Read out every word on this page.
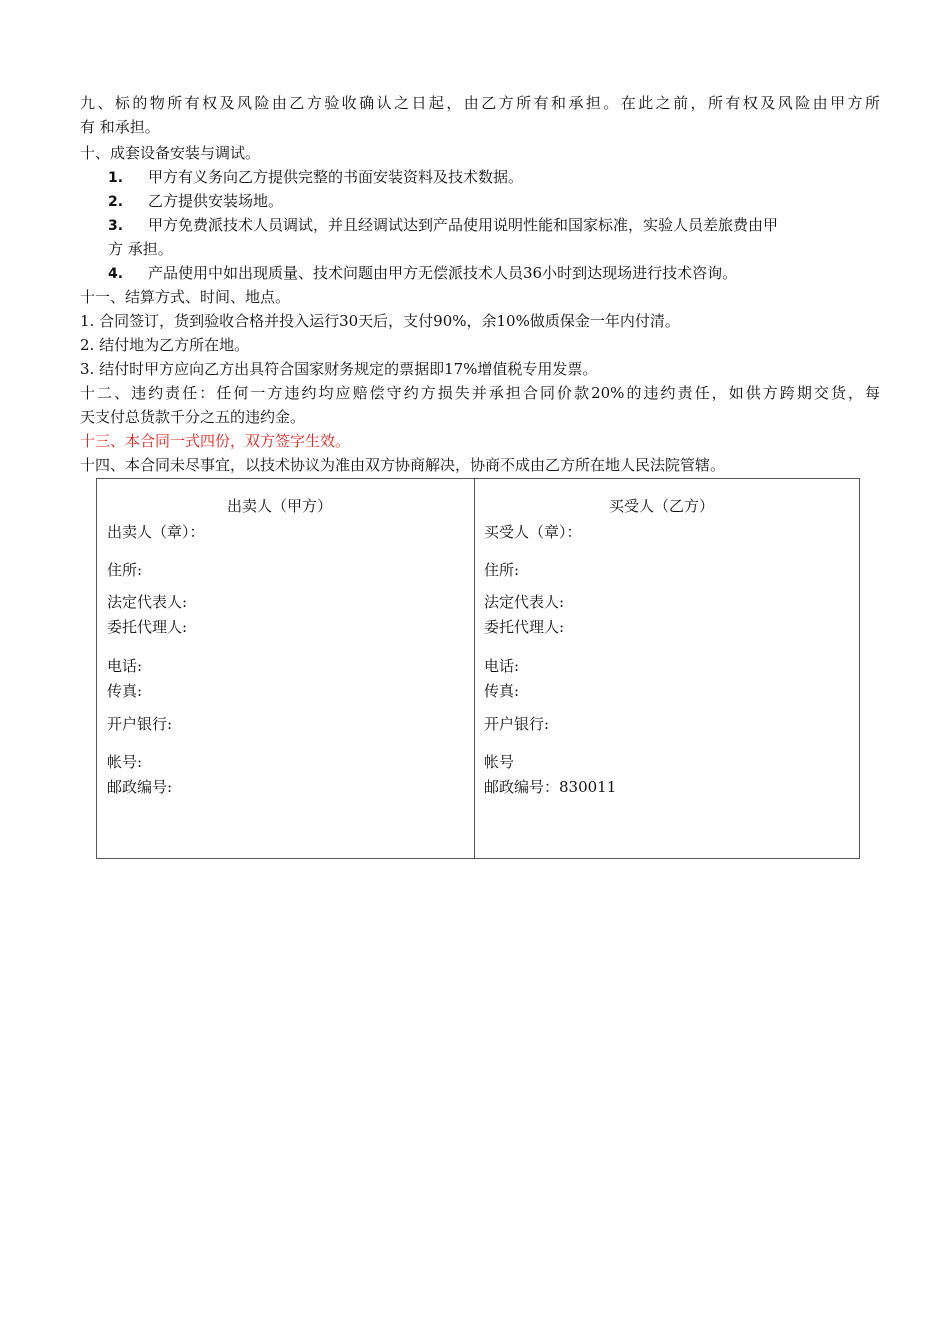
九、标的物所有权及风险由乙方验收确认之日起，由乙方所有和承担。在此之前，所有权及风险由甲方所
有 和承担。
十、成套设备安装与调试。
1. 甲方有义务向乙方提供完整的书面安装资料及技术数据。
2. 乙方提供安装场地。
3. 甲方免费派技术人员调试，并且经调试达到产品使用说明性能和国家标准，实验人员差旅费由甲
方 承担。
4. 产品使用中如出现质量、技术问题由甲方无偿派技术人员36小时到达现场进行技术咨询。
十一、结算方式、时间、地点。
1. 合同签订，货到验收合格并投入运行30天后，支付90%，余10%做质保金一年内付清。
2. 结付地为乙方所在地。
3. 结付时甲方应向乙方出具符合国家财务规定的票据即17%增值税专用发票。
十二、违约责任：任何一方违约均应赔偿守约方损失并承担合同价款20%的违约责任，如供方跨期交货，每
天支付总货款千分之五的违约金。
十三、本合同一式四份，双方签字生效。
十四、本合同未尽事宜，以技术协议为准由双方协商解决，协商不成由乙方所在地人民法院管辖。
出卖人（甲方）
出卖人（章）：
住所:
法定代表人:
委托代理人:
电话:
传真:
开户银行:
帐号:
邮政编号:
买受人（乙方）
买受人（章）：
住所:
法定代表人:
委托代理人:
电话:
传真:
开户银行:
帐号
邮政编号：830011
